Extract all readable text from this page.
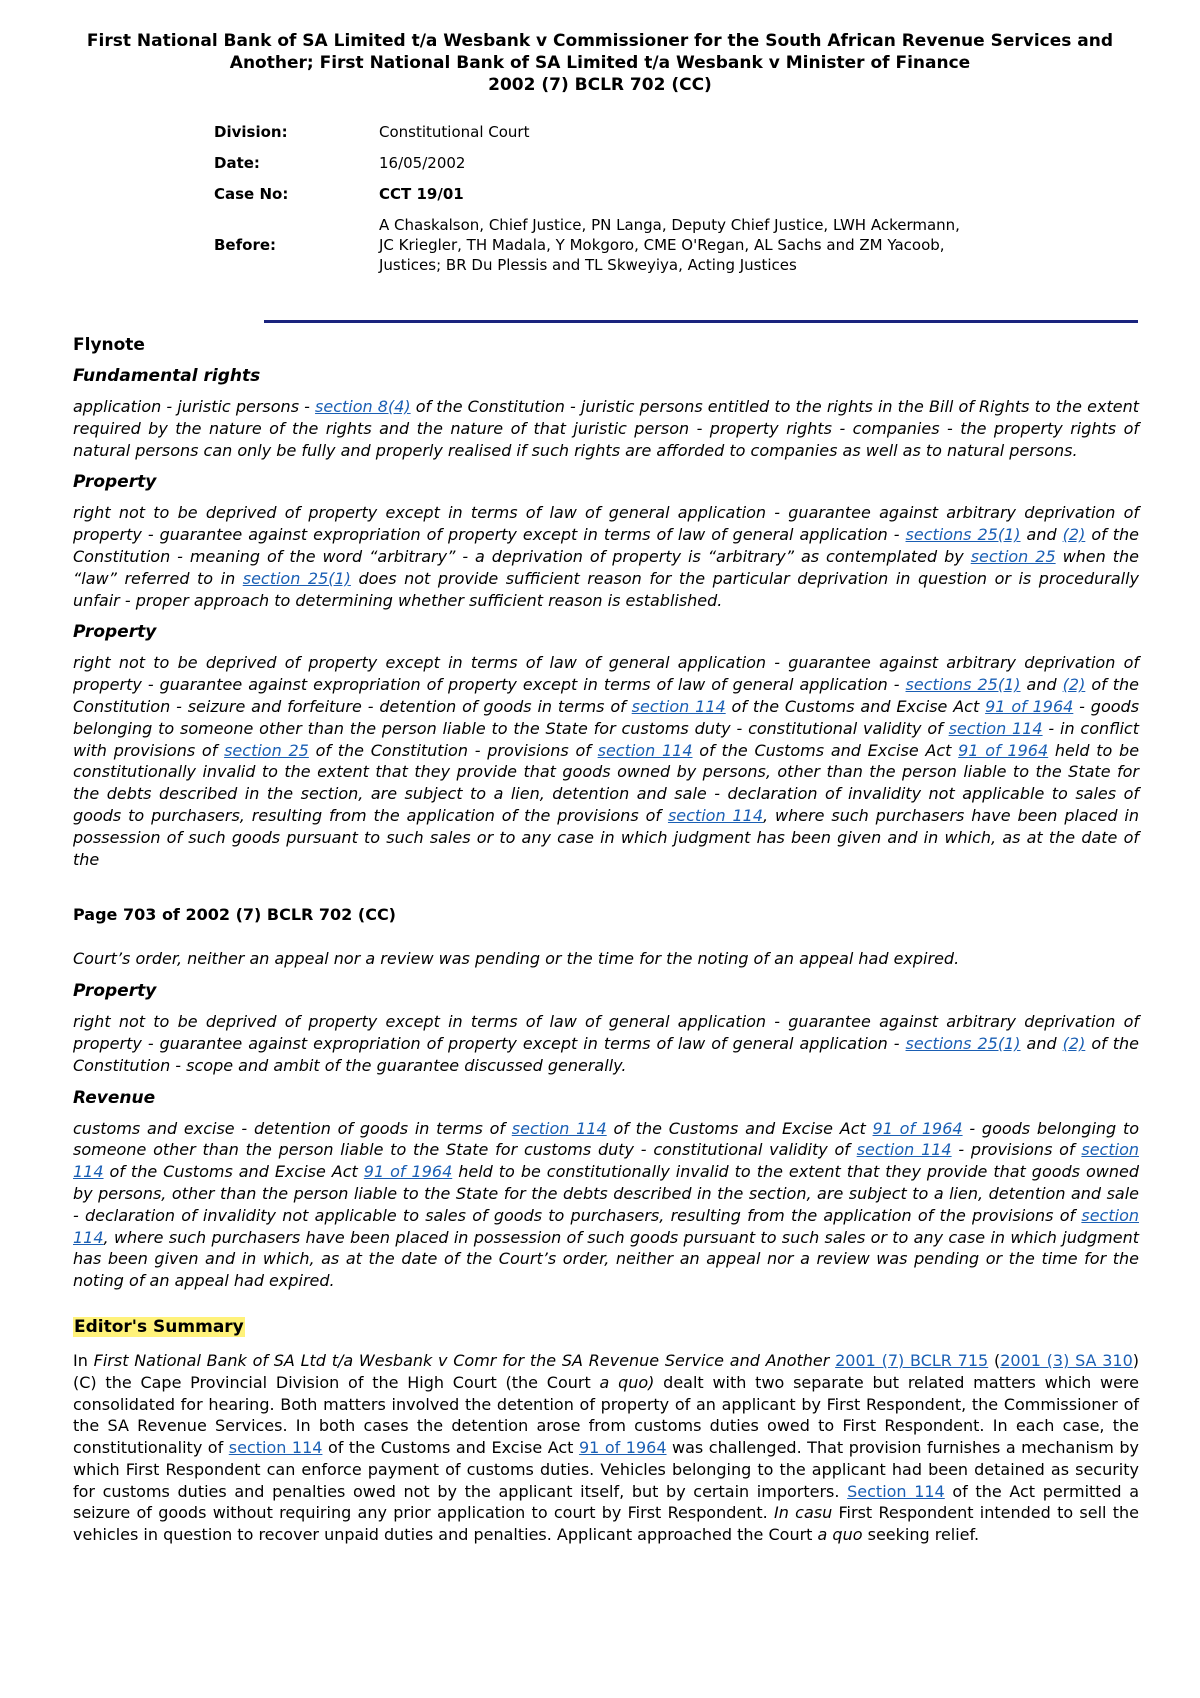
First National Bank of SA Limited t/a Wesbank v Commissioner for the South African Revenue Services and
Another; First National Bank of SA Limited t/a Wesbank v Minister of Finance
2002 (7) BCLR 702 (CC)
Division:	Constitutional Court
Date:	16/05/2002
Case No:	CCT 19/01
Before:	A Chaskalson, Chief Justice, PN Langa, Deputy Chief Justice, LWH Ackermann, JC Kriegler, TH Madala, Y Mokgoro, CME O'Regan, AL Sachs and ZM Yacoob, Justices; BR Du Plessis and TL Skweyiya, Acting Justices
Flynote
Fundamental rights
application - juristic persons - section 8(4) of the Constitution - juristic persons entitled to the rights in the Bill of Rights to the extent required by the nature of the rights and the nature of that juristic person - property rights - companies - the property rights of natural persons can only be fully and properly realised if such rights are afforded to companies as well as to natural persons.
Property
right not to be deprived of property except in terms of law of general application - guarantee against arbitrary deprivation of property - guarantee against expropriation of property except in terms of law of general application - sections 25(1) and (2) of the Constitution - meaning of the word “arbitrary” - a deprivation of property is “arbitrary” as contemplated by section 25 when the “law” referred to in section 25(1) does not provide sufficient reason for the particular deprivation in question or is procedurally unfair - proper approach to determining whether sufficient reason is established.
Property
right not to be deprived of property except in terms of law of general application - guarantee against arbitrary deprivation of property - guarantee against expropriation of property except in terms of law of general application - sections 25(1) and (2) of the Constitution - seizure and forfeiture - detention of goods in terms of section 114 of the Customs and Excise Act 91 of 1964 - goods belonging to someone other than the person liable to the State for customs duty - constitutional validity of section 114 - in conflict with provisions of section 25 of the Constitution - provisions of section 114 of the Customs and Excise Act 91 of 1964 held to be constitutionally invalid to the extent that they provide that goods owned by persons, other than the person liable to the State for the debts described in the section, are subject to a lien, detention and sale - declaration of invalidity not applicable to sales of goods to purchasers, resulting from the application of the provisions of section 114, where such purchasers have been placed in possession of such goods pursuant to such sales or to any case in which judgment has been given and in which, as at the date of the
Page 703 of 2002 (7) BCLR 702 (CC)
Court’s order, neither an appeal nor a review was pending or the time for the noting of an appeal had expired.
Property
right not to be deprived of property except in terms of law of general application - guarantee against arbitrary deprivation of property - guarantee against expropriation of property except in terms of law of general application - sections 25(1) and (2) of the Constitution - scope and ambit of the guarantee discussed generally.
Revenue
customs and excise - detention of goods in terms of section 114 of the Customs and Excise Act 91 of 1964 - goods belonging to someone other than the person liable to the State for customs duty - constitutional validity of section 114 - provisions of section 114 of the Customs and Excise Act 91 of 1964 held to be constitutionally invalid to the extent that they provide that goods owned by persons, other than the person liable to the State for the debts described in the section, are subject to a lien, detention and sale - declaration of invalidity not applicable to sales of goods to purchasers, resulting from the application of the provisions of section 114, where such purchasers have been placed in possession of such goods pursuant to such sales or to any case in which judgment has been given and in which, as at the date of the Court’s order, neither an appeal nor a review was pending or the time for the noting of an appeal had expired.
Editor's Summary
In First National Bank of SA Ltd t/a Wesbank v Comr for the SA Revenue Service and Another 2001 (7) BCLR 715 (2001 (3) SA 310)(C) the Cape Provincial Division of the High Court (the Court a quo) dealt with two separate but related matters which were consolidated for hearing. Both matters involved the detention of property of an applicant by First Respondent, the Commissioner of the SA Revenue Services. In both cases the detention arose from customs duties owed to First Respondent. In each case, the constitutionality of section 114 of the Customs and Excise Act 91 of 1964 was challenged. That provision furnishes a mechanism by which First Respondent can enforce payment of customs duties. Vehicles belonging to the applicant had been detained as security for customs duties and penalties owed not by the applicant itself, but by certain importers. Section 114 of the Act permitted a seizure of goods without requiring any prior application to court by First Respondent. In casu First Respondent intended to sell the vehicles in question to recover unpaid duties and penalties. Applicant approached the Court a quo seeking relief.
